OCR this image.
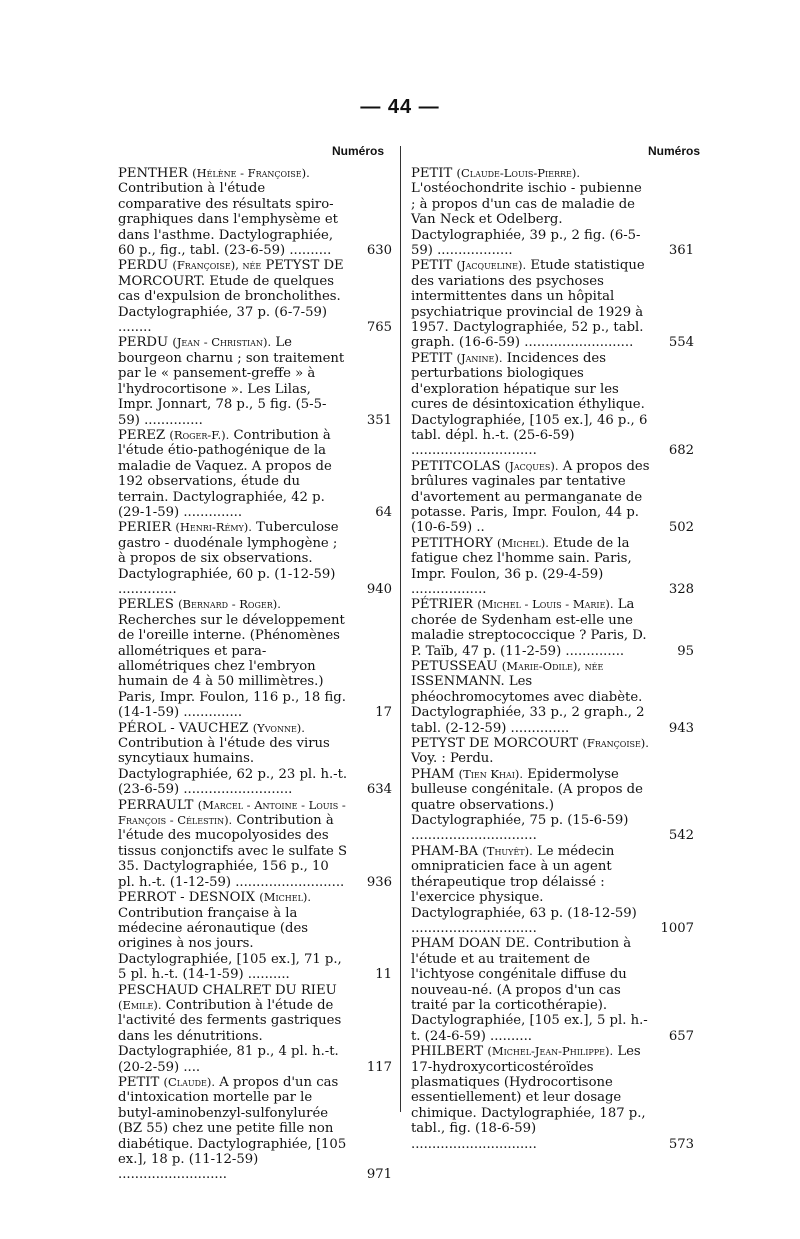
— 44 —
Numéros	Numéros
PENTHER (Hélène - Françoise). Contribution à l'étude comparative des résultats spiro-graphiques dans l'emphysème et dans l'asthme. Dactylographiée, 60 p., fig., tabl. (23-6-59) ..........	630
PERDU (Françoise), née PETYST DE MORCOURT. Etude de quelques cas d'expulsion de broncholithes. Dactylographiée, 37 p. (6-7-59) ........	765
PERDU (Jean - Christian). Le bourgeon charnu ; son traitement par le « pansement-greffe » à l'hydrocortisone ». Les Lilas, Impr. Jonnart, 78 p., 5 fig. (5-5-59) ..............	351
PEREZ (Roger-F.). Contribution à l'étude étio-pathogénique de la maladie de Vaquez. A propos de 192 observations, étude du terrain. Dactylographiée, 42 p. (29-1-59) ..............	64
PERIER (Henri-Rémy). Tuberculose gastro - duodénale lymphogène ; à propos de six observations. Dactylographiée, 60 p. (1-12-59) ..............	940
PERLES (Bernard - Roger). Recherches sur le développement de l'oreille interne. (Phénomènes allométriques et para-allométriques chez l'embryon humain de 4 à 50 millimètres.) Paris, Impr. Foulon, 116 p., 18 fig. (14-1-59) ..............	17
PÉROL - VAUCHEZ (Yvonne). Contribution à l'étude des virus syncytiaux humains. Dactylographiée, 62 p., 23 pl. h.-t. (23-6-59) ..........................	634
PERRAULT (Marcel - Antoine - Louis - François - Célestin). Contribution à l'étude des mucopolyosides des tissus conjonctifs avec le sulfate S 35. Dactylographiée, 156 p., 10 pl. h.-t. (1-12-59) ..........................	936
PERROT - DESNOIX (Michel). Contribution française à la médecine aéronautique (des origines à nos jours. Dactylographiée, [105 ex.], 71 p., 5 pl. h.-t. (14-1-59) ..........	11
PESCHAUD CHALRET DU RIEU (Emile). Contribution à l'étude de l'activité des ferments gastriques dans les dénutritions. Dactylographiée, 81 p., 4 pl. h.-t. (20-2-59) ....	117
PETIT (Claude). A propos d'un cas d'intoxication mortelle par le butyl-aminobenzyl-sulfonylurée (BZ 55) chez une petite fille non diabétique. Dactylographiée, [105 ex.], 18 p. (11-12-59) ..........................	971
PETIT (Claude-Louis-Pierre). L'ostéochondrite ischio - pubienne ; à propos d'un cas de maladie de Van Neck et Odelberg. Dactylographiée, 39 p., 2 fig. (6-5-59) ..................	361
PETIT (Jacqueline). Etude statistique des variations des psychoses intermittentes dans un hôpital psychiatrique provincial de 1929 à 1957. Dactylographiée, 52 p., tabl. graph. (16-6-59) ..........................	554
PETIT (Janine). Incidences des perturbations biologiques d'exploration hépatique sur les cures de désintoxication éthylique. Dactylographiée, [105 ex.], 46 p., 6 tabl. dépl. h.-t. (25-6-59) ..............................	682
PETITCOLAS (Jacques). A propos des brûlures vaginales par tentative d'avortement au permanganate de potasse. Paris, Impr. Foulon, 44 p. (10-6-59) ..	502
PETITHORY (Michel). Etude de la fatigue chez l'homme sain. Paris, Impr. Foulon, 36 p. (29-4-59) ..................	328
PÉTRIER (Michel - Louis - Marie). La chorée de Sydenham est-elle une maladie streptococcique ? Paris, D. P. Taïb, 47 p. (11-2-59) ..............	95
PETUSSEAU (Marie-Odile), née ISSENMANN. Les phéochromocytomes avec diabète. Dactylographiée, 33 p., 2 graph., 2 tabl. (2-12-59) ..............	943
PETYST DE MORCOURT (Françoise). Voy. : Perdu.
PHAM (Tien Khai). Epidermolyse bulleuse congénitale. (A propos de quatre observations.) Dactylographiée, 75 p. (15-6-59) ..............................	542
PHAM-BA (Thuyêt). Le médecin omnipraticien face à un agent thérapeutique trop délaissé : l'exercice physique. Dactylographiée, 63 p. (18-12-59) ..............................	1007
PHAM DOAN DE. Contribution à l'étude et au traitement de l'ichtyose congénitale diffuse du nouveau-né. (A propos d'un cas traité par la corticothérapie). Dactylographiée, [105 ex.], 5 pl. h.-t. (24-6-59) ..........	657
PHILBERT (Michel-Jean-Philippe). Les 17-hydroxycorticostéroïdes plasmatiques (Hydrocortisone essentiellement) et leur dosage chimique. Dactylographiée, 187 p., tabl., fig. (18-6-59) ..............................	573
